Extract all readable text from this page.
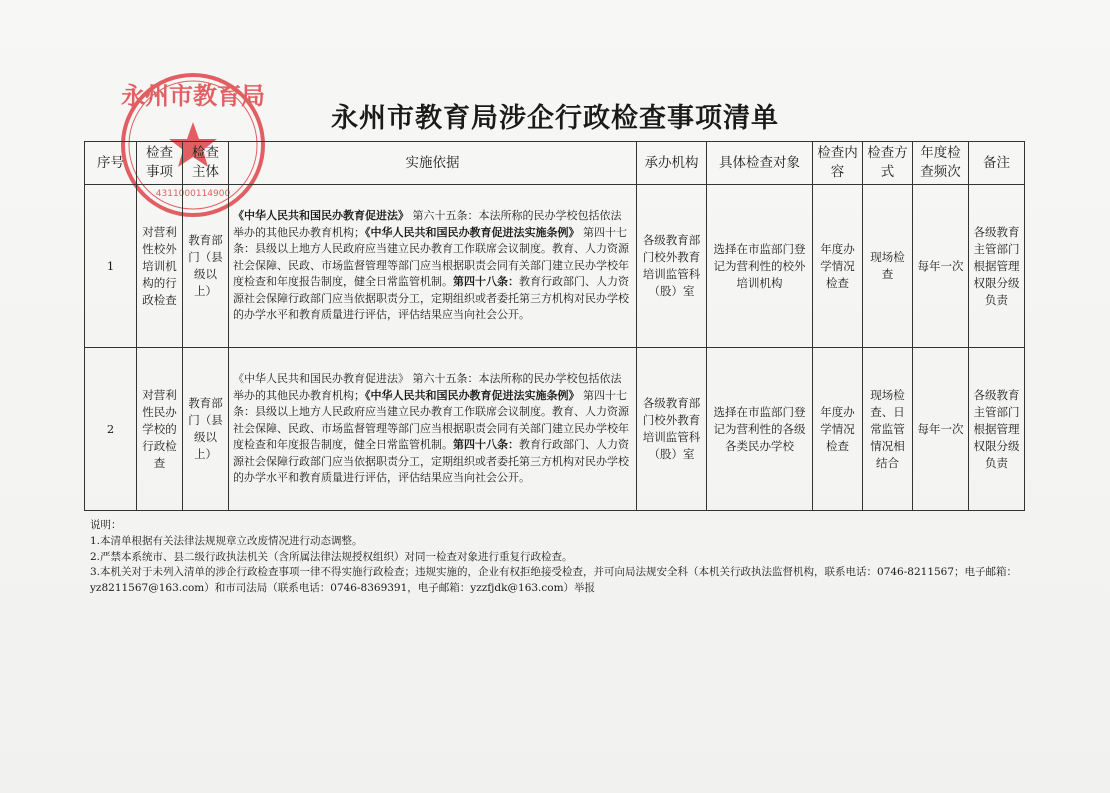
永州市教育局
4311000114900
永州市教育局涉企行政检查事项清单
序号	检查事项	检查主体	实施依据	承办机构	具体检查对象	检查内容	检查方式	年度检查频次	备注
1	对营利性校外培训机构的行政检查	教育部门（县级以上）	《中华人民共和国民办教育促进法》 第六十五条：本法所称的民办学校包括依法举办的其他民办教育机构；《中华人民共和国民办教育促进法实施条例》 第四十七条：县级以上地方人民政府应当建立民办教育工作联席会议制度。教育、人力资源社会保障、民政、市场监督管理等部门应当根据职责会同有关部门建立民办学校年度检查和年度报告制度，健全日常监管机制。第四十八条：教育行政部门、人力资源社会保障行政部门应当依据职责分工，定期组织或者委托第三方机构对民办学校的办学水平和教育质量进行评估，评估结果应当向社会公开。	各级教育部门校外教育培训监管科（股）室	选择在市监部门登记为营利性的校外培训机构	年度办学情况检查	现场检查	每年一次	各级教育主管部门根据管理权限分级负责
2	对营利性民办学校的行政检查	教育部门（县级以上）	《中华人民共和国民办教育促进法》 第六十五条：本法所称的民办学校包括依法举办的其他民办教育机构；《中华人民共和国民办教育促进法实施条例》 第四十七条：县级以上地方人民政府应当建立民办教育工作联席会议制度。教育、人力资源社会保障、民政、市场监督管理等部门应当根据职责会同有关部门建立民办学校年度检查和年度报告制度，健全日常监管机制。第四十八条：教育行政部门、人力资源社会保障行政部门应当依据职责分工，定期组织或者委托第三方机构对民办学校的办学水平和教育质量进行评估，评估结果应当向社会公开。	各级教育部门校外教育培训监管科（股）室	选择在市监部门登记为营利性的各级各类民办学校	年度办学情况检查	现场检查、日常监管情况相结合	每年一次	各级教育主管部门根据管理权限分级负责
说明：
1.本清单根据有关法律法规规章立改废情况进行动态调整。
2.严禁本系统市、县二级行政执法机关（含所属法律法规授权组织）对同一检查对象进行重复行政检查。
3.本机关对于未列入清单的涉企行政检查事项一律不得实施行政检查；违规实施的，企业有权拒绝接受检查，并可向局法规安全科（本机关行政执法监督机构，联系电话：0746-8211567；电子邮箱：yz8211567@163.com）和市司法局（联系电话：0746-8369391，电子邮箱：yzzfjdk@163.com）举报
